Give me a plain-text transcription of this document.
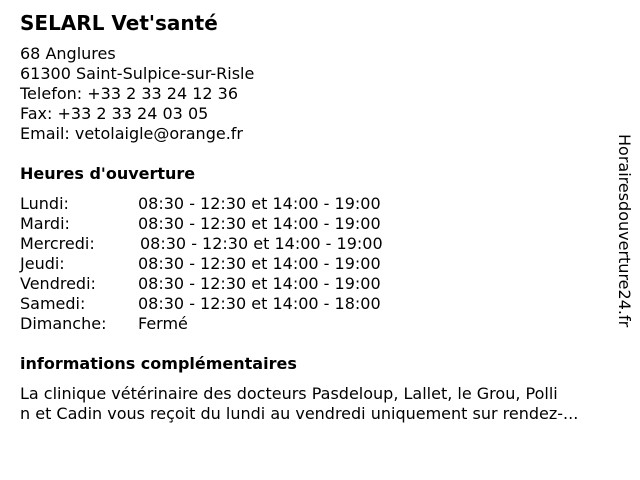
SELARL Vet'santé
68 Anglures
61300 Saint-Sulpice-sur-Risle
Telefon: +33 2 33 24 12 36
Fax: +33 2 33 24 03 05
Email: vetolaigle@orange.fr
Heures d'ouverture
Lundi:	08:30 - 12:30 et 14:00 - 19:00
Mardi:	08:30 - 12:30 et 14:00 - 19:00
Mercredi:	08:30 - 12:30 et 14:00 - 19:00
Jeudi:	08:30 - 12:30 et 14:00 - 19:00
Vendredi:	08:30 - 12:30 et 14:00 - 19:00
Samedi:	08:30 - 12:30 et 14:00 - 18:00
Dimanche: Fermé
informations complémentaires
La clinique vétérinaire des docteurs Pasdeloup, Lallet, le Grou, Polli
n et Cadin vous reçoit du lundi au vendredi uniquement sur rendez-...
Horairesdouverture24.fr
